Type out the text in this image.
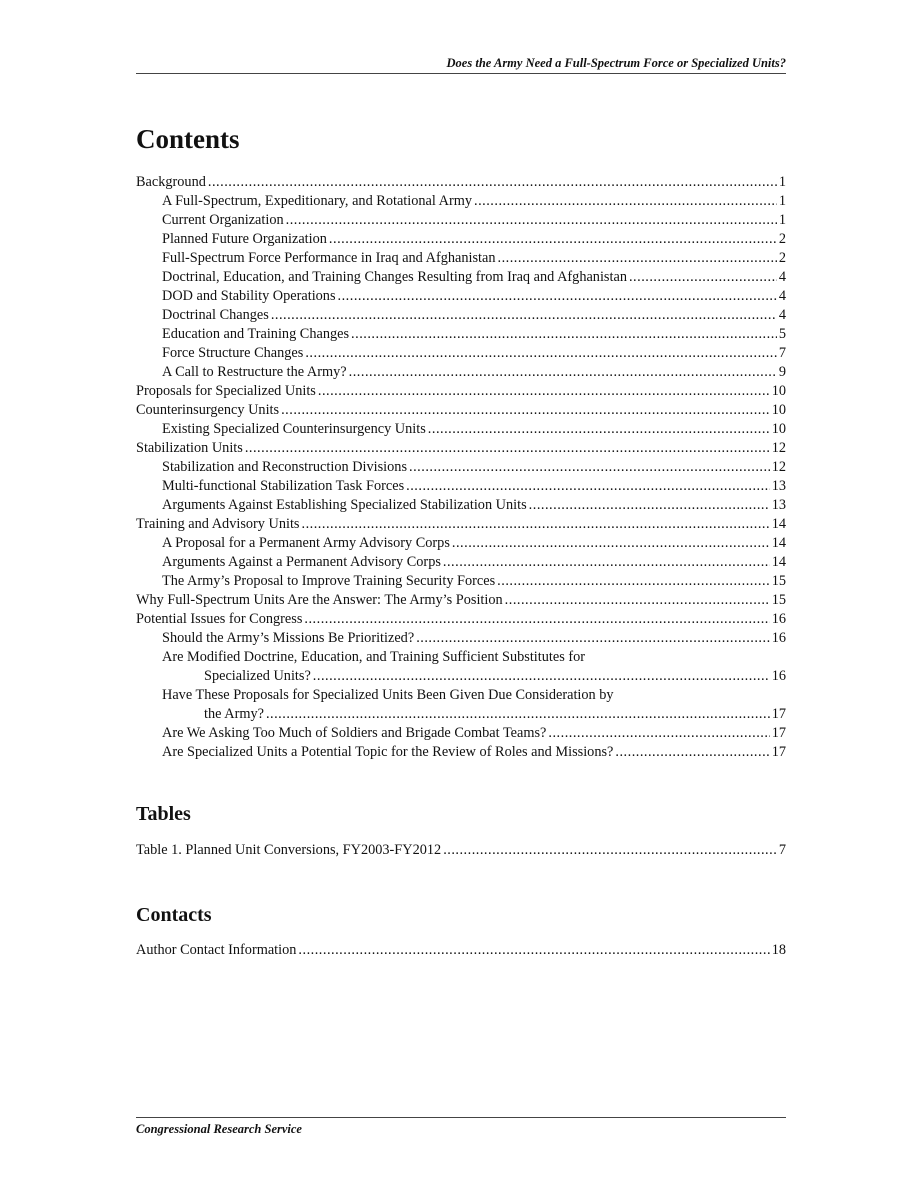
Does the Army Need a Full-Spectrum Force or Specialized Units?
Contents
Background .....	1
A Full-Spectrum, Expeditionary, and Rotational Army .....	1
Current Organization .....	1
Planned Future Organization .....	2
Full-Spectrum Force Performance in Iraq and Afghanistan .....	2
Doctrinal, Education, and Training Changes Resulting from Iraq and Afghanistan .....	4
DOD and Stability Operations .....	4
Doctrinal Changes .....	4
Education and Training Changes .....	5
Force Structure Changes .....	7
A Call to Restructure the Army? .....	9
Proposals for Specialized Units .....	10
Counterinsurgency Units .....	10
Existing Specialized Counterinsurgency Units .....	10
Stabilization Units .....	12
Stabilization and Reconstruction Divisions .....	12
Multi-functional Stabilization Task Forces .....	13
Arguments Against Establishing Specialized Stabilization Units .....	13
Training and Advisory Units .....	14
A Proposal for a Permanent Army Advisory Corps .....	14
Arguments Against a Permanent Advisory Corps .....	14
The Army’s Proposal to Improve Training Security Forces .....	15
Why Full-Spectrum Units Are the Answer: The Army’s Position .....	15
Potential Issues for Congress .....	16
Should the Army’s Missions Be Prioritized? .....	16
Are Modified Doctrine, Education, and Training Sufficient Substitutes for
Specialized Units? .....	16
Have These Proposals for Specialized Units Been Given Due Consideration by
the Army? .....	17
Are We Asking Too Much of Soldiers and Brigade Combat Teams? .....	17
Are Specialized Units a Potential Topic for the Review of Roles and Missions? .....	17
Tables
Table 1. Planned Unit Conversions, FY2003-FY2012 .....	7
Contacts
Author Contact Information .....	18
Congressional Research Service
